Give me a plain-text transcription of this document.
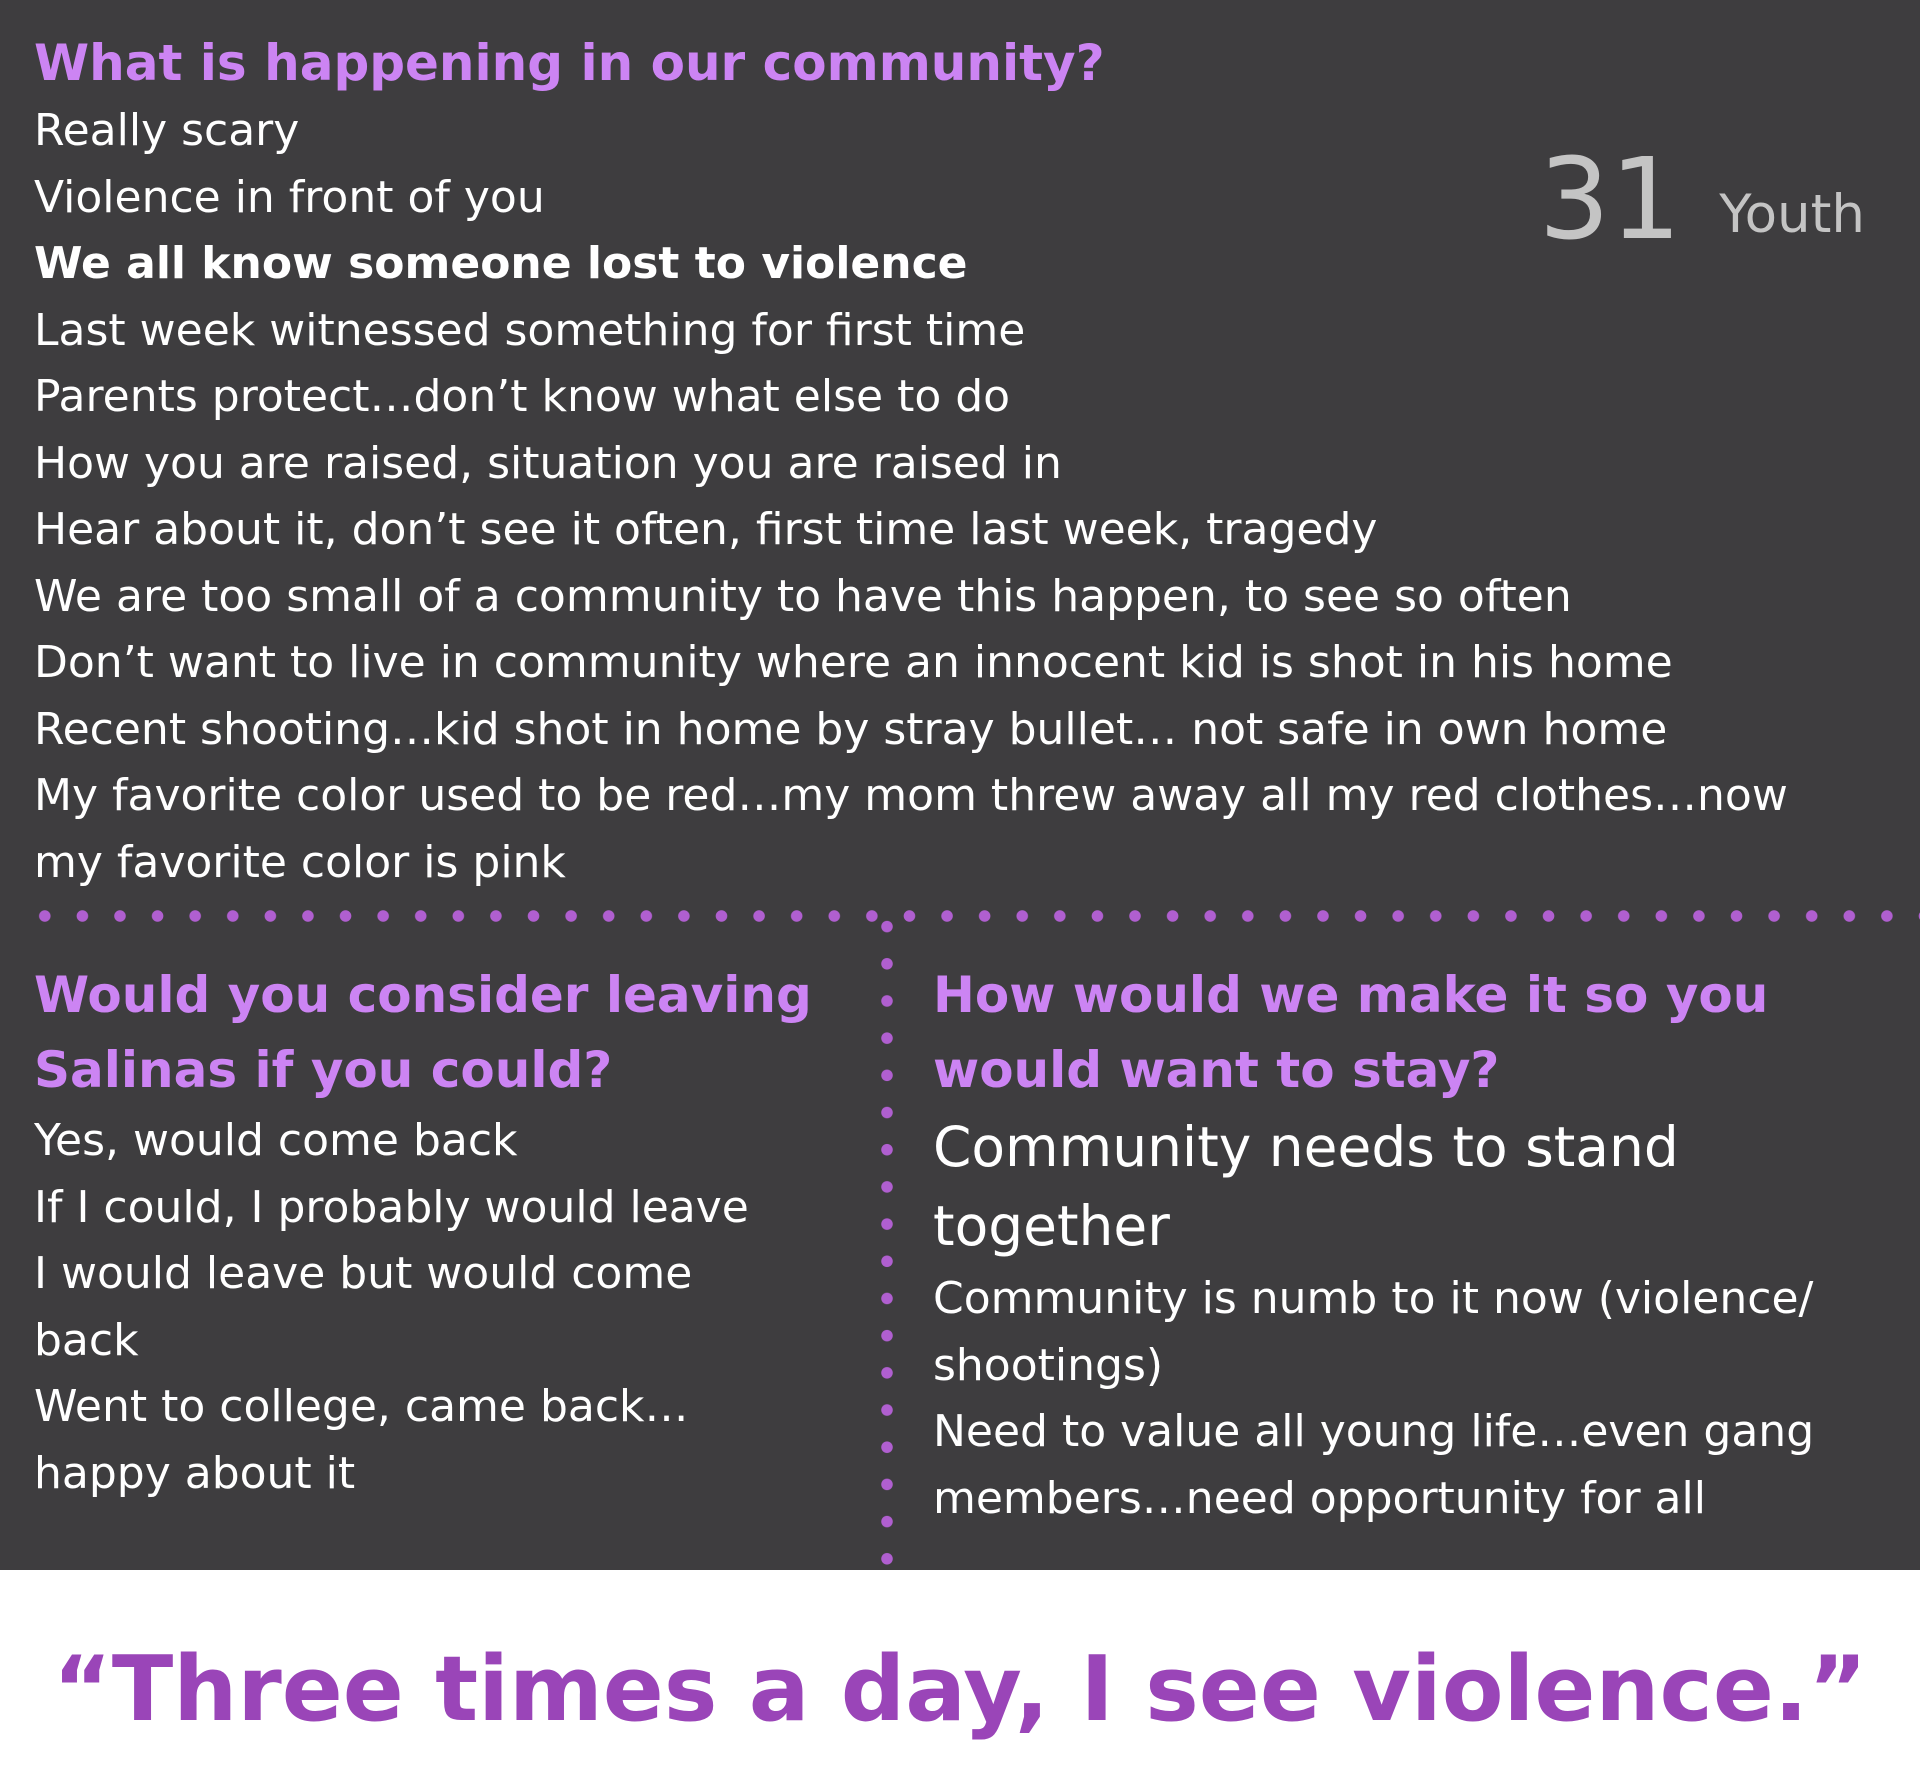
What is happening in our community?
Really scary
Violence in front of you
We all know someone lost to violence
Last week witnessed something for first time
Parents protect…don’t know what else to do
How you are raised, situation you are raised in
Hear about it, don’t see it often, first time last week, tragedy
We are too small of a community to have this happen, to see so often
Don’t want to live in community where an innocent kid is shot in his home
Recent shooting…kid shot in home by stray bullet… not safe in own home
My favorite color used to be red…my mom threw away all my red clothes…now
my favorite color is pink
31 Youth
Would you consider leaving
Salinas if you could?
Yes, would come back
If I could, I probably would leave
I would leave but would come back
Went to college, came back… happy about it
How would we make it so you
would want to stay?
Community needs to stand together
Community is numb to it now (violence/ shootings)
Need to value all young life…even gang members…need opportunity for all
“Three times a day, I see violence.”
